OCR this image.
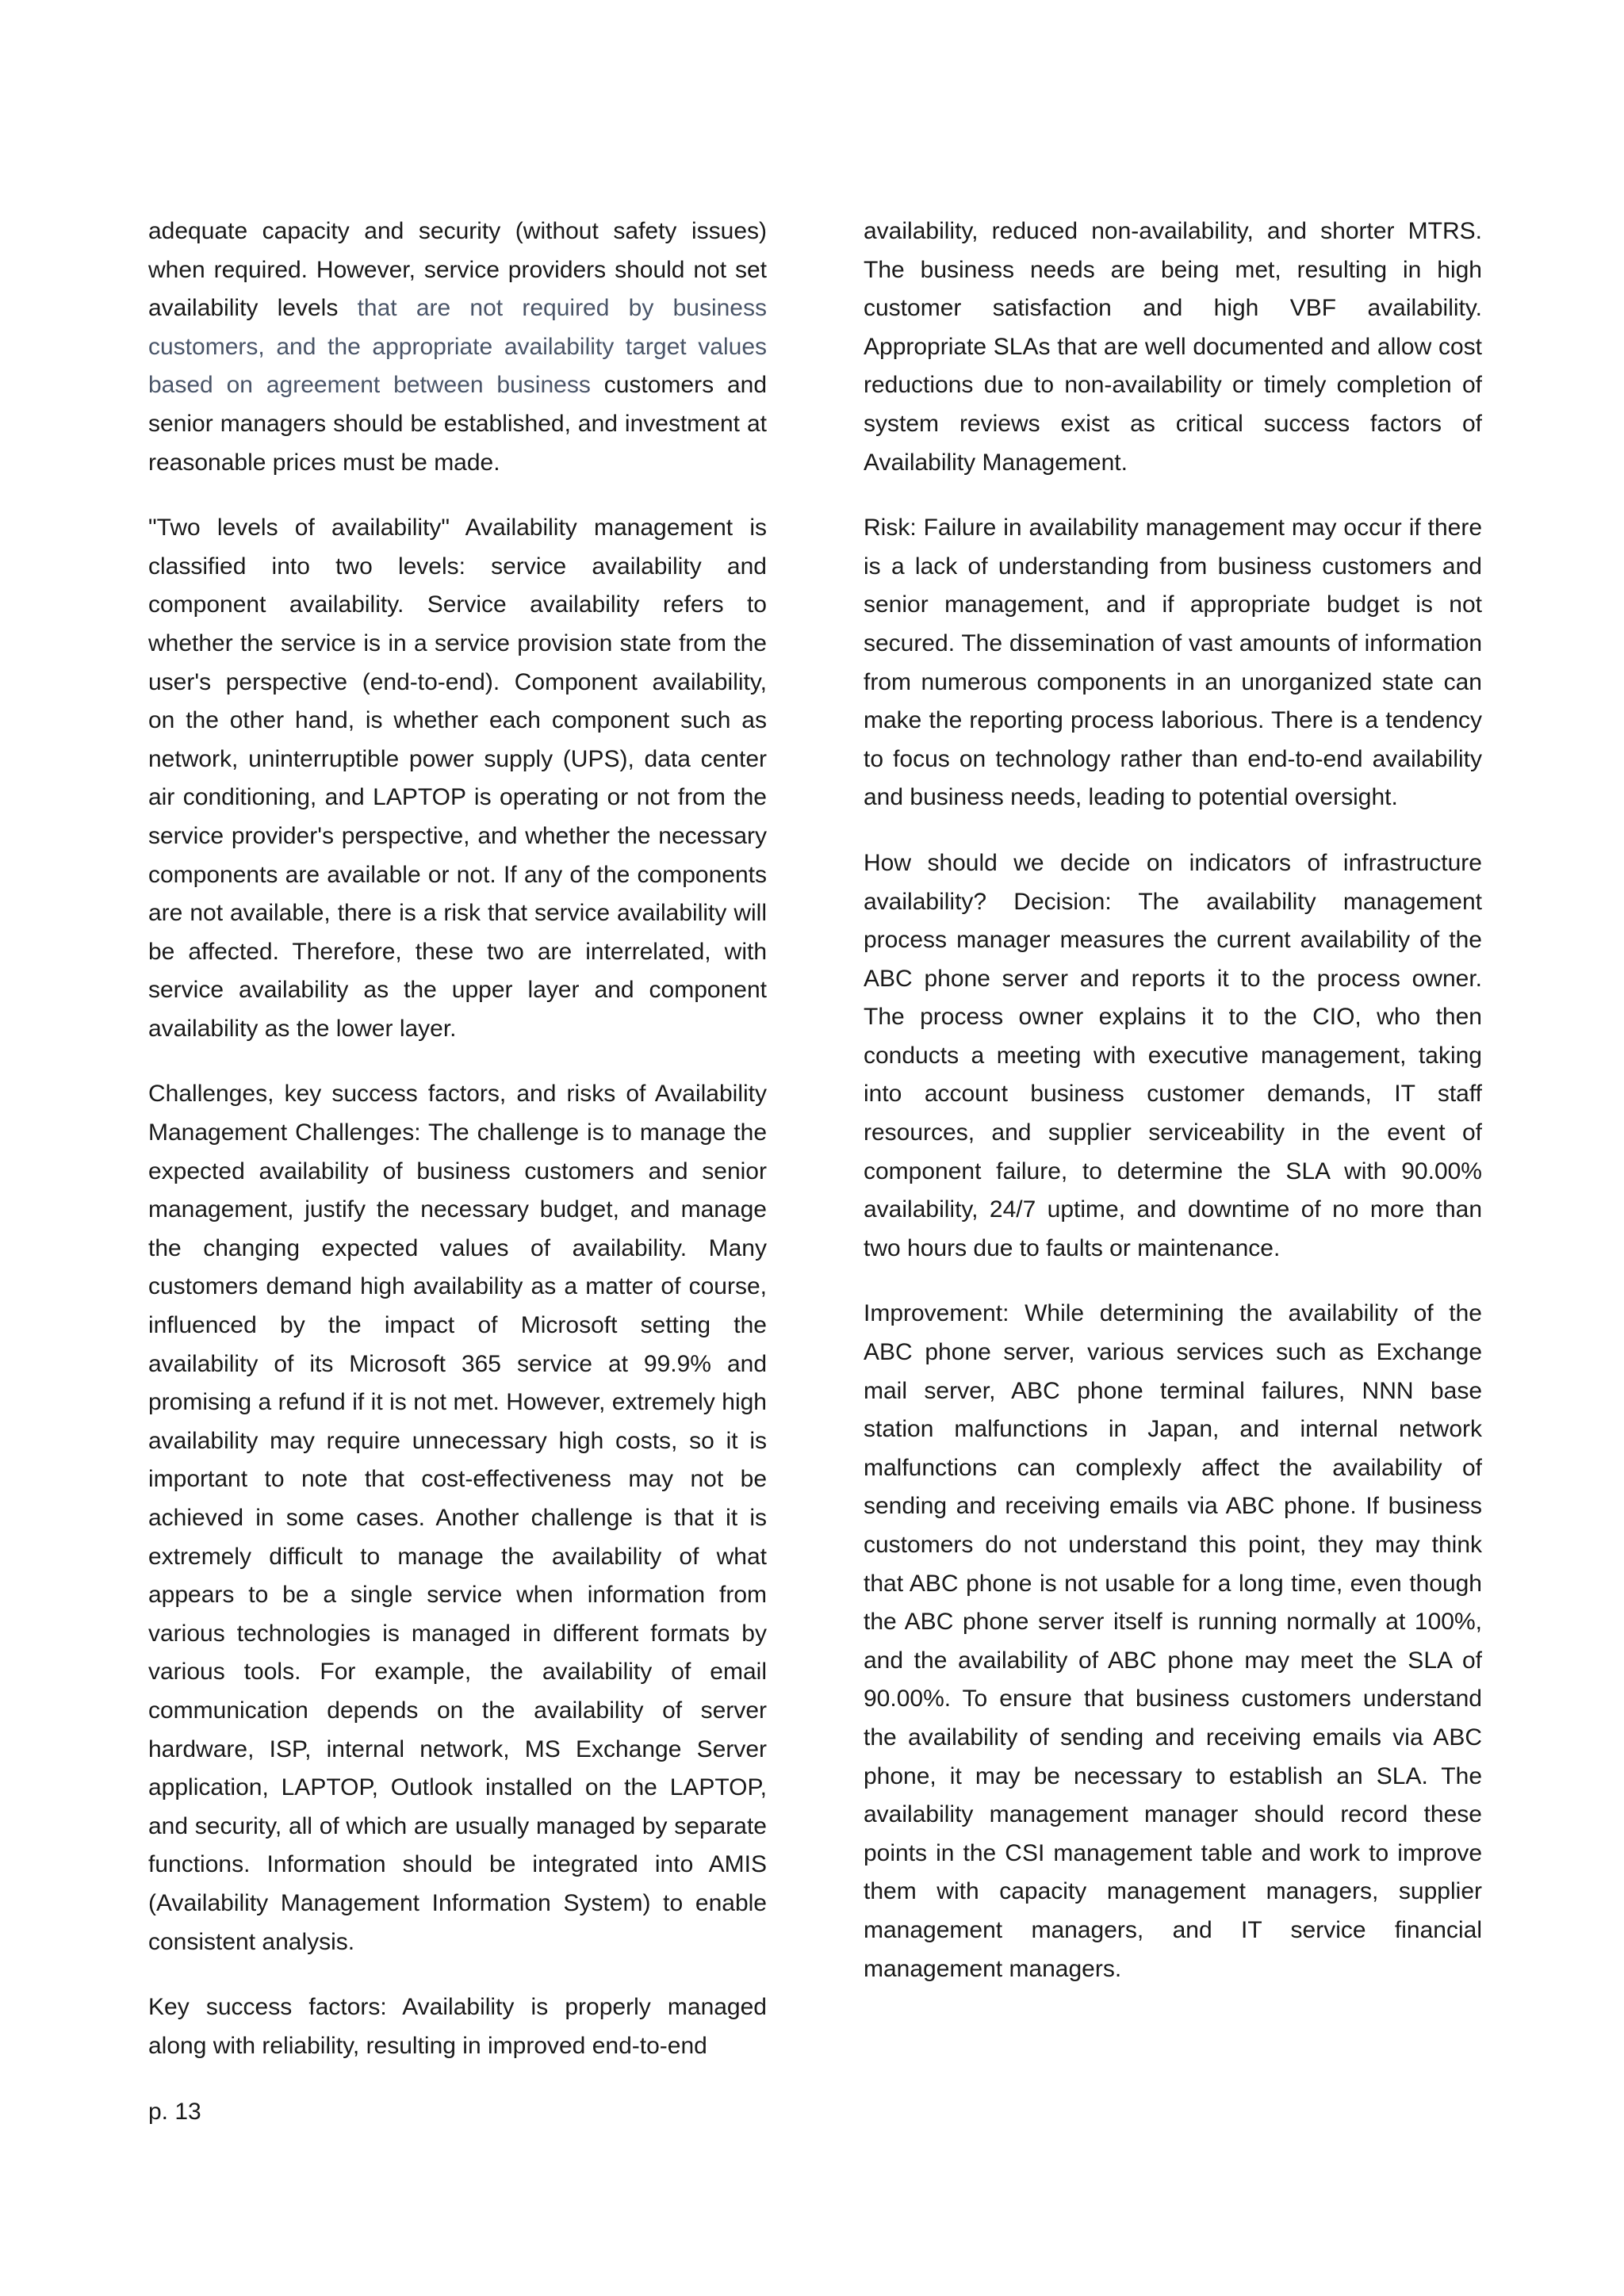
adequate capacity and security (without safety issues) when required. However, service providers should not set availability levels that are not required by business customers, and the appropriate availability target values based on agreement between business customers and senior managers should be established, and investment at reasonable prices must be made.

"Two levels of availability" Availability management is classified into two levels: service availability and component availability. Service availability refers to whether the service is in a service provision state from the user's perspective (end-to-end). Component availability, on the other hand, is whether each component such as network, uninterruptible power supply (UPS), data center air conditioning, and LAPTOP is operating or not from the service provider's perspective, and whether the necessary components are available or not. If any of the components are not available, there is a risk that service availability will be affected. Therefore, these two are interrelated, with service availability as the upper layer and component availability as the lower layer.

Challenges, key success factors, and risks of Availability Management Challenges: The challenge is to manage the expected availability of business customers and senior management, justify the necessary budget, and manage the changing expected values of availability. Many customers demand high availability as a matter of course, influenced by the impact of Microsoft setting the availability of its Microsoft 365 service at 99.9% and promising a refund if it is not met. However, extremely high availability may require unnecessary high costs, so it is important to note that cost-effectiveness may not be achieved in some cases. Another challenge is that it is extremely difficult to manage the availability of what appears to be a single service when information from various technologies is managed in different formats by various tools. For example, the availability of email communication depends on the availability of server hardware, ISP, internal network, MS Exchange Server application, LAPTOP, Outlook installed on the LAPTOP, and security, all of which are usually managed by separate functions. Information should be integrated into AMIS (Availability Management Information System) to enable consistent analysis.

Key success factors: Availability is properly managed along with reliability, resulting in improved end-to-end

availability, reduced non-availability, and shorter MTRS. The business needs are being met, resulting in high customer satisfaction and high VBF availability. Appropriate SLAs that are well documented and allow cost reductions due to non-availability or timely completion of system reviews exist as critical success factors of Availability Management.

Risk: Failure in availability management may occur if there is a lack of understanding from business customers and senior management, and if appropriate budget is not secured. The dissemination of vast amounts of information from numerous components in an unorganized state can make the reporting process laborious. There is a tendency to focus on technology rather than end-to-end availability and business needs, leading to potential oversight.

How should we decide on indicators of infrastructure availability? Decision: The availability management process manager measures the current availability of the ABC phone server and reports it to the process owner. The process owner explains it to the CIO, who then conducts a meeting with executive management, taking into account business customer demands, IT staff resources, and supplier serviceability in the event of component failure, to determine the SLA with 90.00% availability, 24/7 uptime, and downtime of no more than two hours due to faults or maintenance.

Improvement: While determining the availability of the ABC phone server, various services such as Exchange mail server, ABC phone terminal failures, NNN base station malfunctions in Japan, and internal network malfunctions can complexly affect the availability of sending and receiving emails via ABC phone. If business customers do not understand this point, they may think that ABC phone is not usable for a long time, even though the ABC phone server itself is running normally at 100%, and the availability of ABC phone may meet the SLA of 90.00%. To ensure that business customers understand the availability of sending and receiving emails via ABC phone, it may be necessary to establish an SLA. The availability management manager should record these points in the CSI management table and work to improve them with capacity management managers, supplier management managers, and IT service financial management managers.

p. 13
